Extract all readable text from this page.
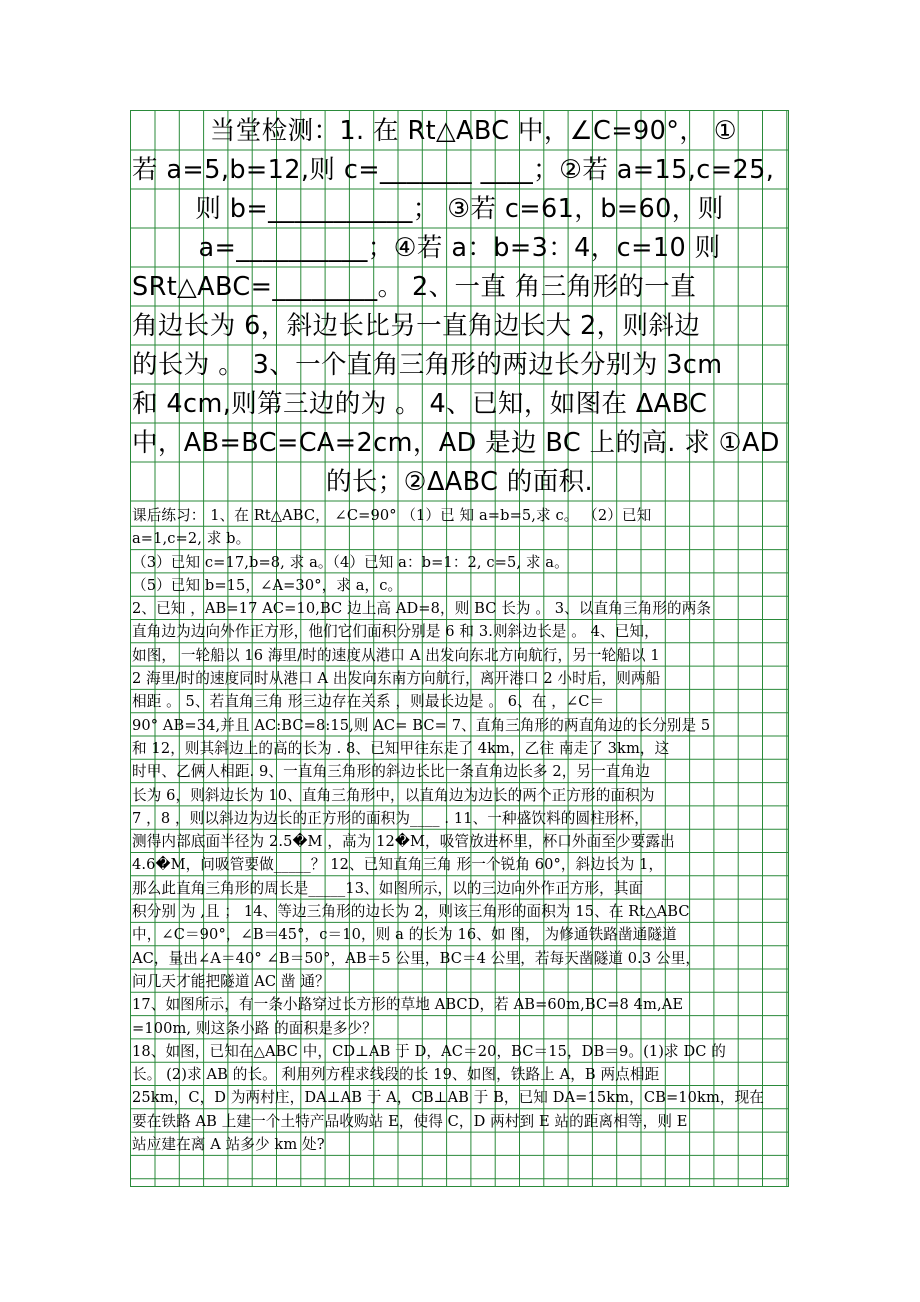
当堂检测：1. 在 Rt△ABC 中，∠C=90°， ①

若 a=5,b=12,则 c=_______ ____；②若 a=15,c=25,

则 b=___________； ③若 c=61，b=60，则

a=__________；④若 a：b=3：4，c=10 则

SRt△ABC=________。 2、一直 角三角形的一直

角边长为 6，斜边长比另一直角边长大 2，则斜边

的长为 。 3、一个直角三角形的两边长分别为 3cm

和 4cm,则第三边的为 。 4、已知，如图在 ΔABC

中，AB=BC=CA=2cm，AD 是边 BC 上的高. 求 ①AD

的长；②ΔABC 的面积.

课后练习： 1、在 Rt△ABC， ∠C=90° （1）已 知 a=b=5,求 c。 （2）已知

a=1,c=2, 求 b。

（3）已知 c=17,b=8, 求 a。（4）已知 a：b=1：2, c=5, 求 a。

（5）已知 b=15，∠A=30°，求 a，c。

2、已知 ，AB=17 AC=10,BC 边上高 AD=8，则 BC 长为 。 3、以直角三角形的两条

直角边为边向外作正方形，他们它们面积分别是 6 和 3.则斜边长是 。 4、已知，

如图， 一轮船以 16 海里/时的速度从港口 A 出发向东北方向航行，另一轮船以 1

2 海里/时的速度同时从港口 A 出发向东南方向航行，离开港口 2 小时后，则两船

相距 。 5、若直角三角 形三边存在关系 ，则最长边是 。 6、在 ，∠C＝

90° AB=34,并且 AC:BC=8:15,则 AC= BC= 7、直角三角形的两直角边的长分别是 5

和 12，则其斜边上的高的长为 . 8、已知甲往东走了 4km，乙往 南走了 3km，这

时甲、乙俩人相距. 9、一直角三角形的斜边长比一条直角边长多 2，另一直角边

长为 6，则斜边长为 10、直角三角形中，以直角边为边长的两个正方形的面积为

7 ，8 ，则以斜边为边长的正方形的面积为____ . 11、一种盛饮料的圆柱形杯，

测得内部底面半径为 2.5�M ，高为 12�M，吸管放进杯里，杯口外面至少要露出

4.6�M，问吸管要做_____？ 12、已知直角三角 形一个锐角 60°，斜边长为 1，

那么此直角三角形的周长是_____13、如图所示，以的三边向外作正方形，其面

积分别 为 ,且 ； 14、等边三角形的边长为 2，则该三角形的面积为 15、在 Rt△ABC

中，∠C＝90°，∠B＝45°，c＝10，则 a 的长为 16、如 图， 为修通铁路凿通隧道

AC，量出∠A＝40° ∠B＝50°，AB＝5 公里，BC＝4 公里，若每天凿隧道 0.3 公里，

问几天才能把隧道 AC 凿 通？

17、如图所示，有一条小路穿过长方形的草地 ABCD，若 AB=60m,BC=8 4m,AE

=100m, 则这条小路 的面积是多少？

18、如图，已知在△ABC 中，CD⊥AB 于 D，AC＝20，BC＝15，DB＝9。(1)求 DC 的

长。 (2)求 AB 的长。 利用列方程求线段的长 19、如图，铁路上 A，B 两点相距

25km，C，D 为两村庄，DA⊥AB 于 A，CB⊥AB 于 B，已知 DA=15km，CB=10km，现在

要在铁路 AB 上建一个土特产品收购站 E，使得 C，D 两村到 E 站的距离相等，则 E

站应建在离 A 站多少 km 处?
